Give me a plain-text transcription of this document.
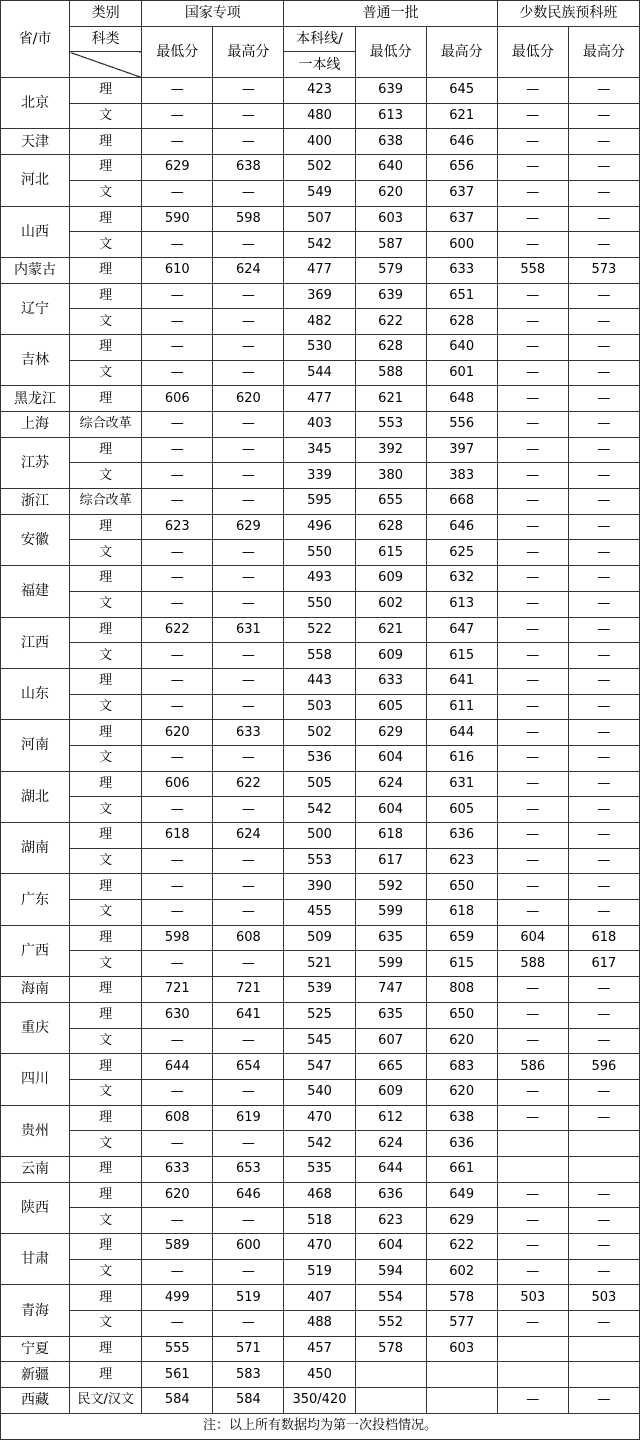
省/市	类别	国家专项		普通一批			少数民族预科班	
	科类	最低分	最高分	本科线/	最低分	最高分	最低分	最高分
				一本线				
北京	理	—	—	423	639	645	—	—
	文	—	—	480	613	621	—	—
天津	理	—	—	400	638	646	—	—
河北	理	629	638	502	640	656	—	—
	文	—	—	549	620	637	—	—
山西	理	590	598	507	603	637	—	—
	文	—	—	542	587	600	—	—
内蒙古	理	610	624	477	579	633	558	573
辽宁	理	—	—	369	639	651	—	—
	文	—	—	482	622	628	—	—
吉林	理	—	—	530	628	640	—	—
	文	—	—	544	588	601	—	—
黑龙江	理	606	620	477	621	648	—	—
上海	综合改革	—	—	403	553	556	—	—
江苏	理	—	—	345	392	397	—	—
	文	—	—	339	380	383	—	—
浙江	综合改革	—	—	595	655	668	—	—
安徽	理	623	629	496	628	646	—	—
	文	—	—	550	615	625	—	—
福建	理	—	—	493	609	632	—	—
	文	—	—	550	602	613	—	—
江西	理	622	631	522	621	647	—	—
	文	—	—	558	609	615	—	—
山东	理	—	—	443	633	641	—	—
	文	—	—	503	605	611	—	—
河南	理	620	633	502	629	644	—	—
	文	—	—	536	604	616	—	—
湖北	理	606	622	505	624	631	—	—
	文	—	—	542	604	605	—	—
湖南	理	618	624	500	618	636	—	—
	文	—	—	553	617	623	—	—
广东	理	—	—	390	592	650	—	—
	文	—	—	455	599	618	—	—
广西	理	598	608	509	635	659	604	618
	文	—	—	521	599	615	588	617
海南	理	721	721	539	747	808	—	—
重庆	理	630	641	525	635	650	—	—
	文	—	—	545	607	620	—	—
四川	理	644	654	547	665	683	586	596
	文	—	—	540	609	620	—	—
贵州	理	608	619	470	612	638	—	—
	文	—	—	542	624	636		
云南	理	633	653	535	644	661		
陕西	理	620	646	468	636	649	—	—
	文	—	—	518	623	629	—	—
甘肃	理	589	600	470	604	622	—	—
	文	—	—	519	594	602	—	—
青海	理	499	519	407	554	578	503	503
	文	—	—	488	552	577	—	—
宁夏	理	555	571	457	578	603		
新疆	理	561	583	450				
西藏	民文/汉文	584	584	350/420			—	—
注：以上所有数据均为第一次投档情况。								
